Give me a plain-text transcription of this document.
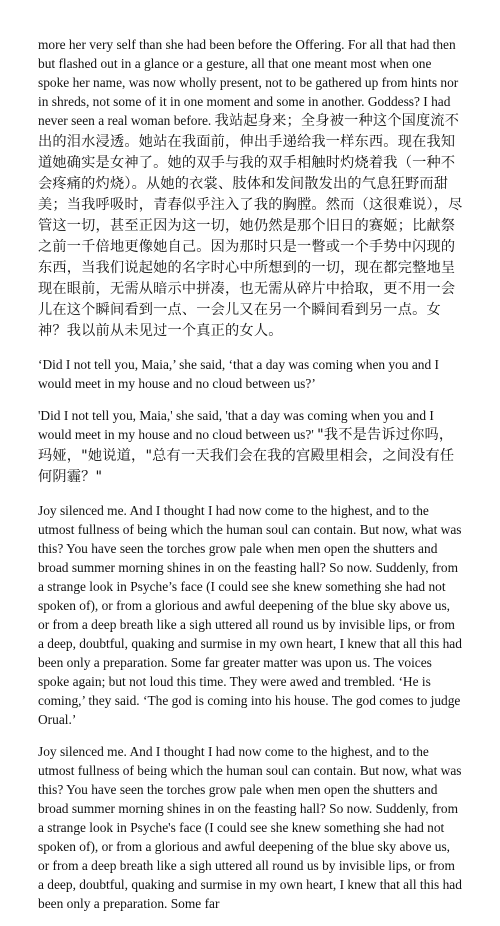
more her very self than she had been before the Offering. For all that had then but flashed out in a glance or a gesture, all that one meant most when one spoke her name, was now wholly present, not to be gathered up from hints nor in shreds, not some of it in one moment and some in another. Goddess? I had never seen a real woman before. 我站起身来；全身被一种这个国度流不出的泪水浸透。她站在我面前，伸出手递给我一样东西。现在我知道她确实是女神了。她的双手与我的双手相触时灼烧着我（一种不会疼痛的灼烧）。从她的衣裳、肢体和发间散发出的气息狂野而甜美；当我呼吸时，青春似乎注入了我的胸膛。然而（这很难说），尽管这一切，甚至正因为这一切，她仍然是那个旧日的赛姬；比献祭之前一千倍地更像她自己。因为那时只是一瞥或一个手势中闪现的东西，当我们说起她的名字时心中所想到的一切，现在都完整地呈现在眼前，无需从暗示中拼凑，也无需从碎片中拾取，更不用一会儿在这个瞬间看到一点、一会儿又在另一个瞬间看到另一点。女神？我以前从未见过一个真正的女人。

‘Did I not tell you, Maia,’ she said, ‘that a day was coming when you and I would meet in my house and no cloud between us?’

'Did I not tell you, Maia,' she said, 'that a day was coming when you and I would meet in my house and no cloud between us?' "我不是告诉过你吗，玛娅，"她说道，"总有一天我们会在我的宫殿里相会，之间没有任何阴霾？"

Joy silenced me. And I thought I had now come to the highest, and to the utmost fullness of being which the human soul can contain. But now, what was this? You have seen the torches grow pale when men open the shutters and broad summer morning shines in on the feasting hall? So now. Suddenly, from a strange look in Psyche’s face (I could see she knew something she had not spoken of), or from a glorious and awful deepening of the blue sky above us, or from a deep breath like a sigh uttered all round us by invisible lips, or from a deep, doubtful, quaking and surmise in my own heart, I knew that all this had been only a preparation. Some far greater matter was upon us. The voices spoke again; but not loud this time. They were awed and trembled. ‘He is coming,’ they said. ‘The god is coming into his house. The god comes to judge Orual.’

Joy silenced me. And I thought I had now come to the highest, and to the utmost fullness of being which the human soul can contain. But now, what was this? You have seen the torches grow pale when men open the shutters and broad summer morning shines in on the feasting hall? So now. Suddenly, from a strange look in Psyche's face (I could see she knew something she had not spoken of), or from a glorious and awful deepening of the blue sky above us, or from a deep breath like a sigh uttered all round us by invisible lips, or from a deep, doubtful, quaking and surmise in my own heart, I knew that all this had been only a preparation. Some far
